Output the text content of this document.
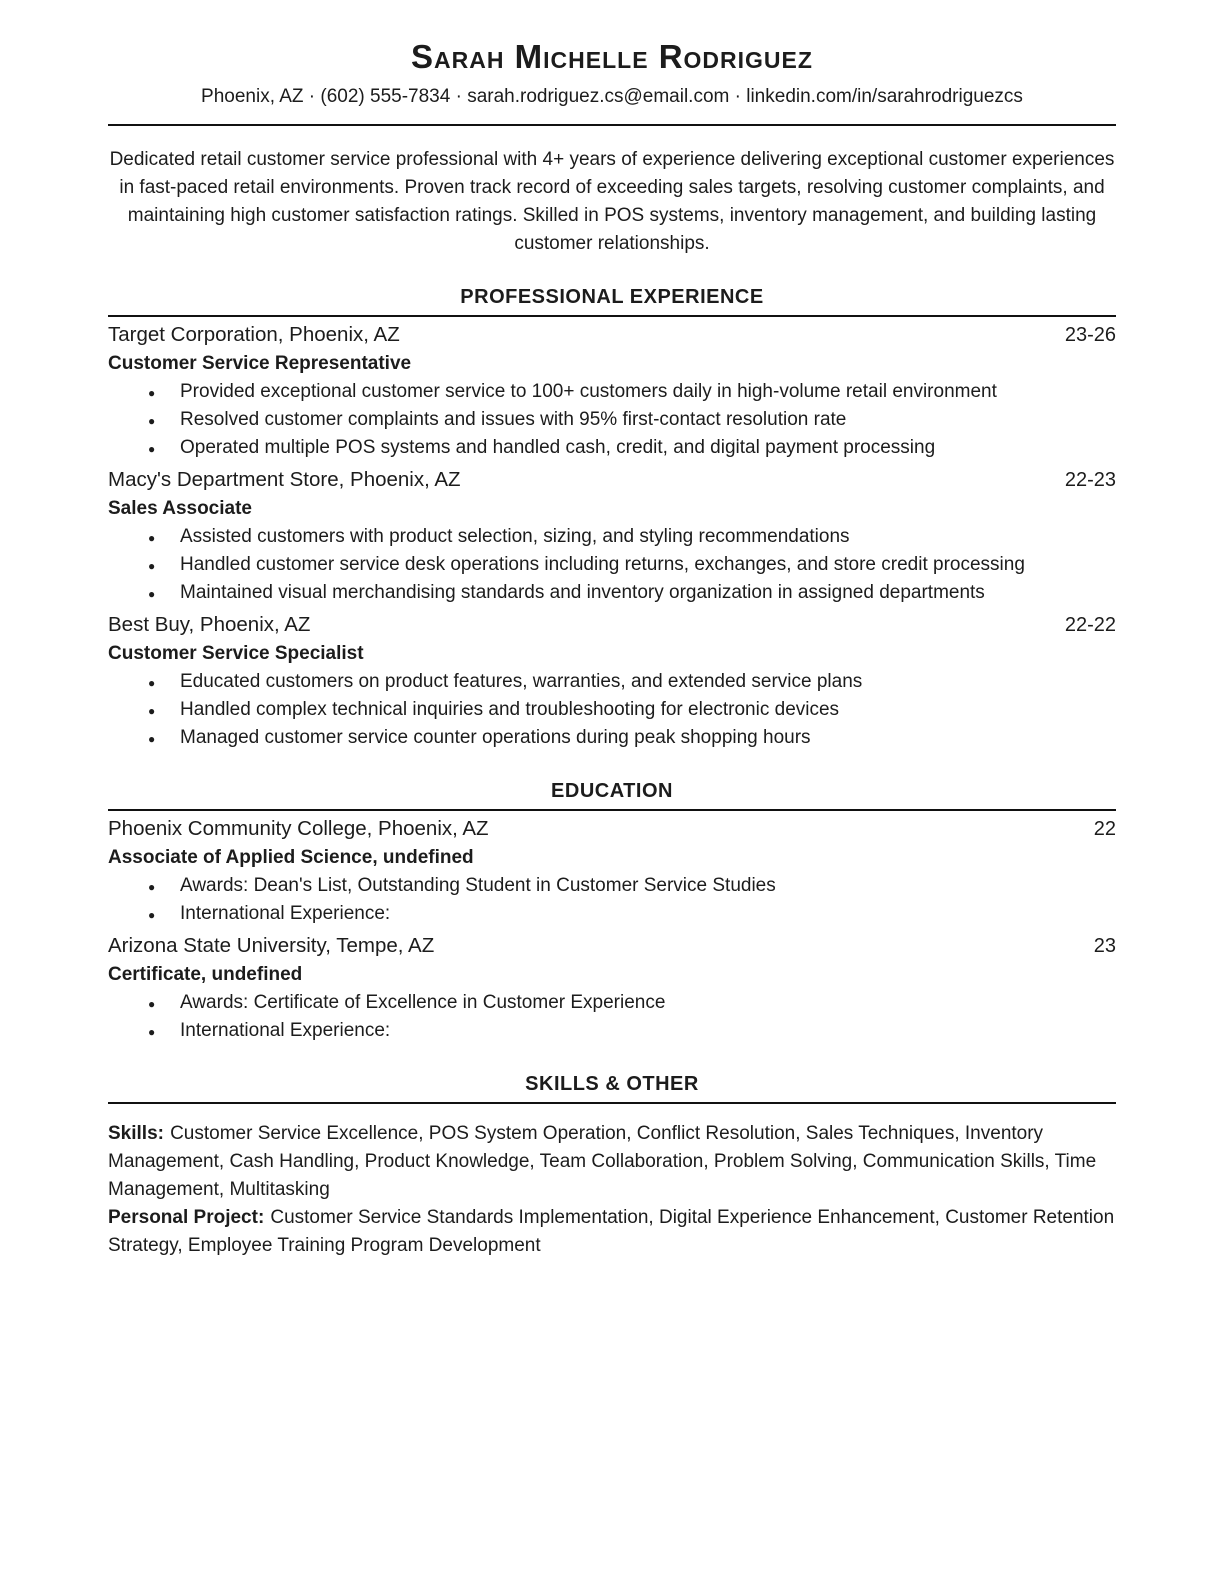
Sarah Michelle Rodriguez
Phoenix, AZ · (602) 555-7834 · sarah.rodriguez.cs@email.com · linkedin.com/in/sarahrodriguezcs

Dedicated retail customer service professional with 4+ years of experience delivering exceptional customer experiences in fast-paced retail environments. Proven track record of exceeding sales targets, resolving customer complaints, and maintaining high customer satisfaction ratings. Skilled in POS systems, inventory management, and building lasting customer relationships.

PROFESSIONAL EXPERIENCE
Target Corporation, Phoenix, AZ	23-26
Customer Service Representative
● Provided exceptional customer service to 100+ customers daily in high-volume retail environment
● Resolved customer complaints and issues with 95% first-contact resolution rate
● Operated multiple POS systems and handled cash, credit, and digital payment processing
Macy's Department Store, Phoenix, AZ	22-23
Sales Associate
● Assisted customers with product selection, sizing, and styling recommendations
● Handled customer service desk operations including returns, exchanges, and store credit processing
● Maintained visual merchandising standards and inventory organization in assigned departments
Best Buy, Phoenix, AZ	22-22
Customer Service Specialist
● Educated customers on product features, warranties, and extended service plans
● Handled complex technical inquiries and troubleshooting for electronic devices
● Managed customer service counter operations during peak shopping hours
EDUCATION
Phoenix Community College, Phoenix, AZ	22
Associate of Applied Science, undefined
● Awards: Dean's List, Outstanding Student in Customer Service Studies
● International Experience:
Arizona State University, Tempe, AZ	23
Certificate, undefined
● Awards: Certificate of Excellence in Customer Experience
● International Experience:
SKILLS & OTHER

Skills: Customer Service Excellence, POS System Operation, Conflict Resolution, Sales Techniques, Inventory Management, Cash Handling, Product Knowledge, Team Collaboration, Problem Solving, Communication Skills, Time Management, Multitasking

Personal Project: Customer Service Standards Implementation, Digital Experience Enhancement, Customer Retention Strategy, Employee Training Program Development
